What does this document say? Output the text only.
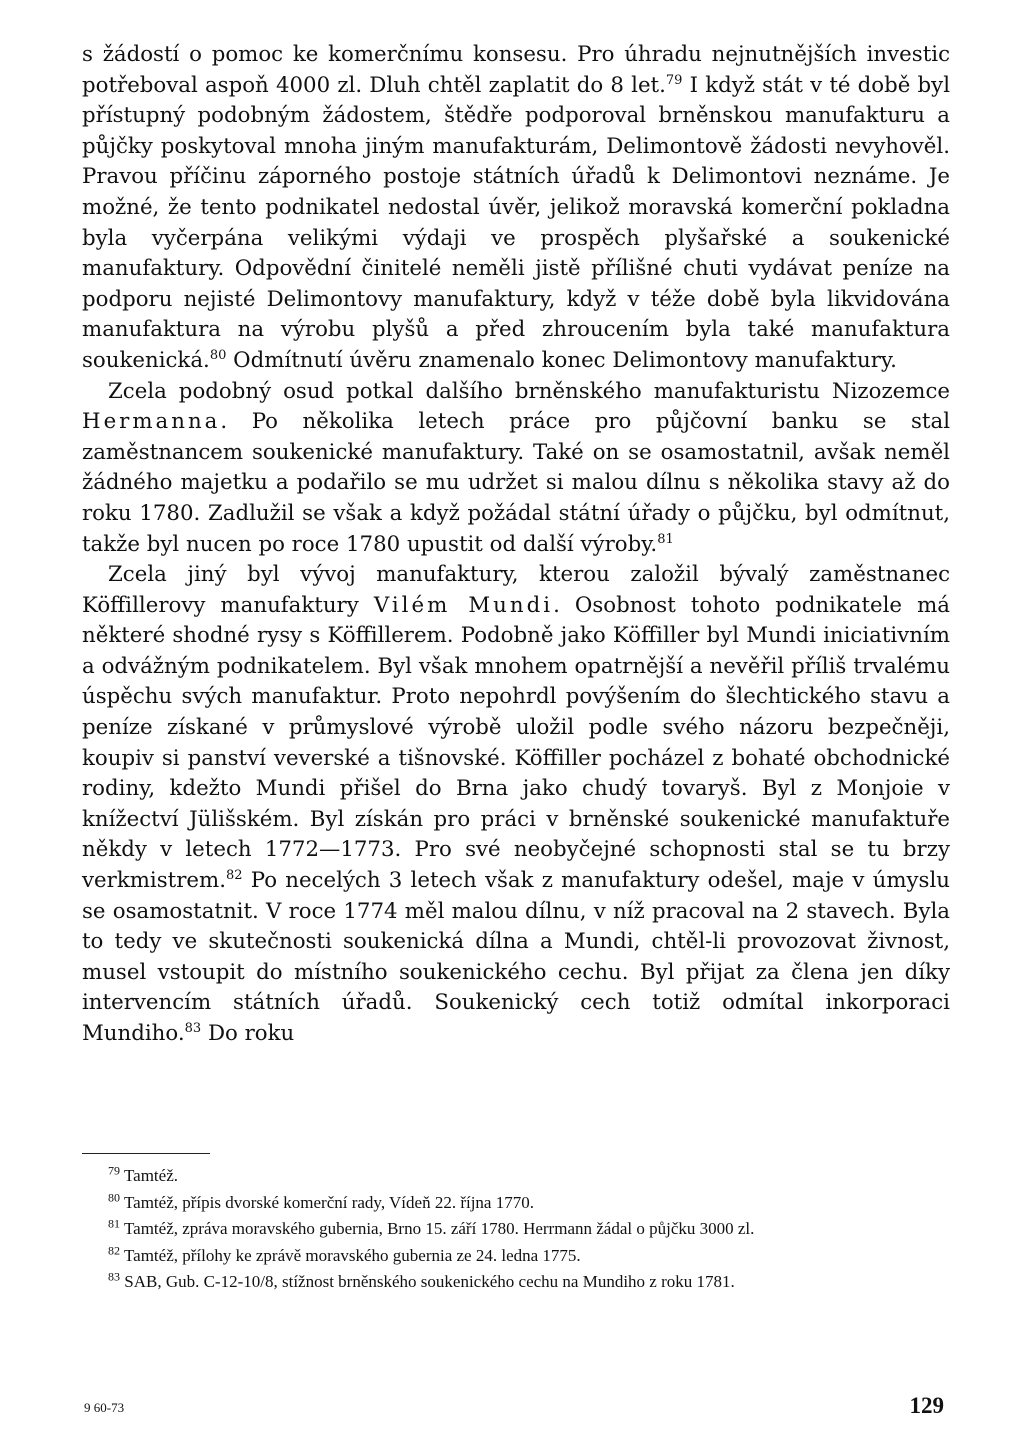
s žádostí o pomoc ke komerčnímu konsesu. Pro úhradu nejnutnějších investic potřeboval aspoň 4000 zl. Dluh chtěl zaplatit do 8 let.$^{79}$ I když stát v té době byl přístupný podobným žádostem, štědře podporoval brněnskou manufakturu a půjčky poskytoval mnoha jiným manufakturám, Delimontově žádosti nevyhověl. Pravou příčinu záporného postoje státních úřadů k Delimontovi neznáme. Je možné, že tento podnikatel nedostal úvěr, jelikož moravská komerční pokladna byla vyčerpána velikými výdaji ve prospěch plyšařské a soukenické manufaktury. Odpovědní činitelé neměli jistě přílišné chuti vydávat peníze na podporu nejisté Delimontovy manufaktury, když v téže době byla likvidována manufaktura na výrobu plyšů a před zhroucením byla také manufaktura soukenická.$^{80}$ Odmítnutí úvěru znamenalo konec Delimontovy manufaktury.

Zcela podobný osud potkal dalšího brněnského manufakturistu Nizozemce Hermanna. Po několika letech práce pro půjčovní banku se stal zaměstnancem soukenické manufaktury. Také on se osamostatnil, avšak neměl žádného majetku a podařilo se mu udržet si malou dílnu s několika stavy až do roku 1780. Zadlužil se však a když požádal státní úřady o půjčku, byl odmítnut, takže byl nucen po roce 1780 upustit od další výroby.$^{81}$

Zcela jiný byl vývoj manufaktury, kterou založil bývalý zaměstnanec Köffillerovy manufaktury Vilém Mundi. Osobnost tohoto podnikatele má některé shodné rysy s Köffillerem. Podobně jako Köffiller byl Mundi iniciativním a odvážným podnikatelem. Byl však mnohem opatrnější a nevěřil příliš trvalému úspěchu svých manufaktur. Proto nepohrdl povýšením do šlechtického stavu a peníze získané v průmyslové výrobě uložil podle svého názoru bezpečněji, koupiv si panství veverské a tišnovské. Köffiller pocházel z bohaté obchodnické rodiny, kdežto Mundi přišel do Brna jako chudý tovaryš. Byl z Monjoie v knížectví Jülišském. Byl získán pro práci v brněnské soukenické manufaktuře někdy v letech 1772—1773. Pro své neobyčejné schopnosti stal se tu brzy verkmistrem.$^{82}$ Po necelých 3 letech však z manufaktury odešel, maje v úmyslu se osamostatnit. V roce 1774 měl malou dílnu, v níž pracoval na 2 stavech. Byla to tedy ve skutečnosti soukenická dílna a Mundi, chtěl-li provozovat živnost, musel vstoupit do místního soukenického cechu. Byl přijat za člena jen díky intervencím státních úřadů. Soukenický cech totiž odmítal inkorporaci Mundiho.$^{83}$ Do roku

$^{79}$ Tamtéž.

$^{80}$ Tamtéž, přípis dvorské komerční rady, Vídeň 22. října 1770.

$^{81}$ Tamtéž, zpráva moravského gubernia, Brno 15. září 1780. Herrmann žádal o půjčku 3000 zl.

$^{82}$ Tamtéž, přílohy ke zprávě moravského gubernia ze 24. ledna 1775.

$^{83}$ SAB, Gub. C-12-10/8, stížnost brněnského soukenického cechu na Mundiho z roku 1781.

9 60-73	129
